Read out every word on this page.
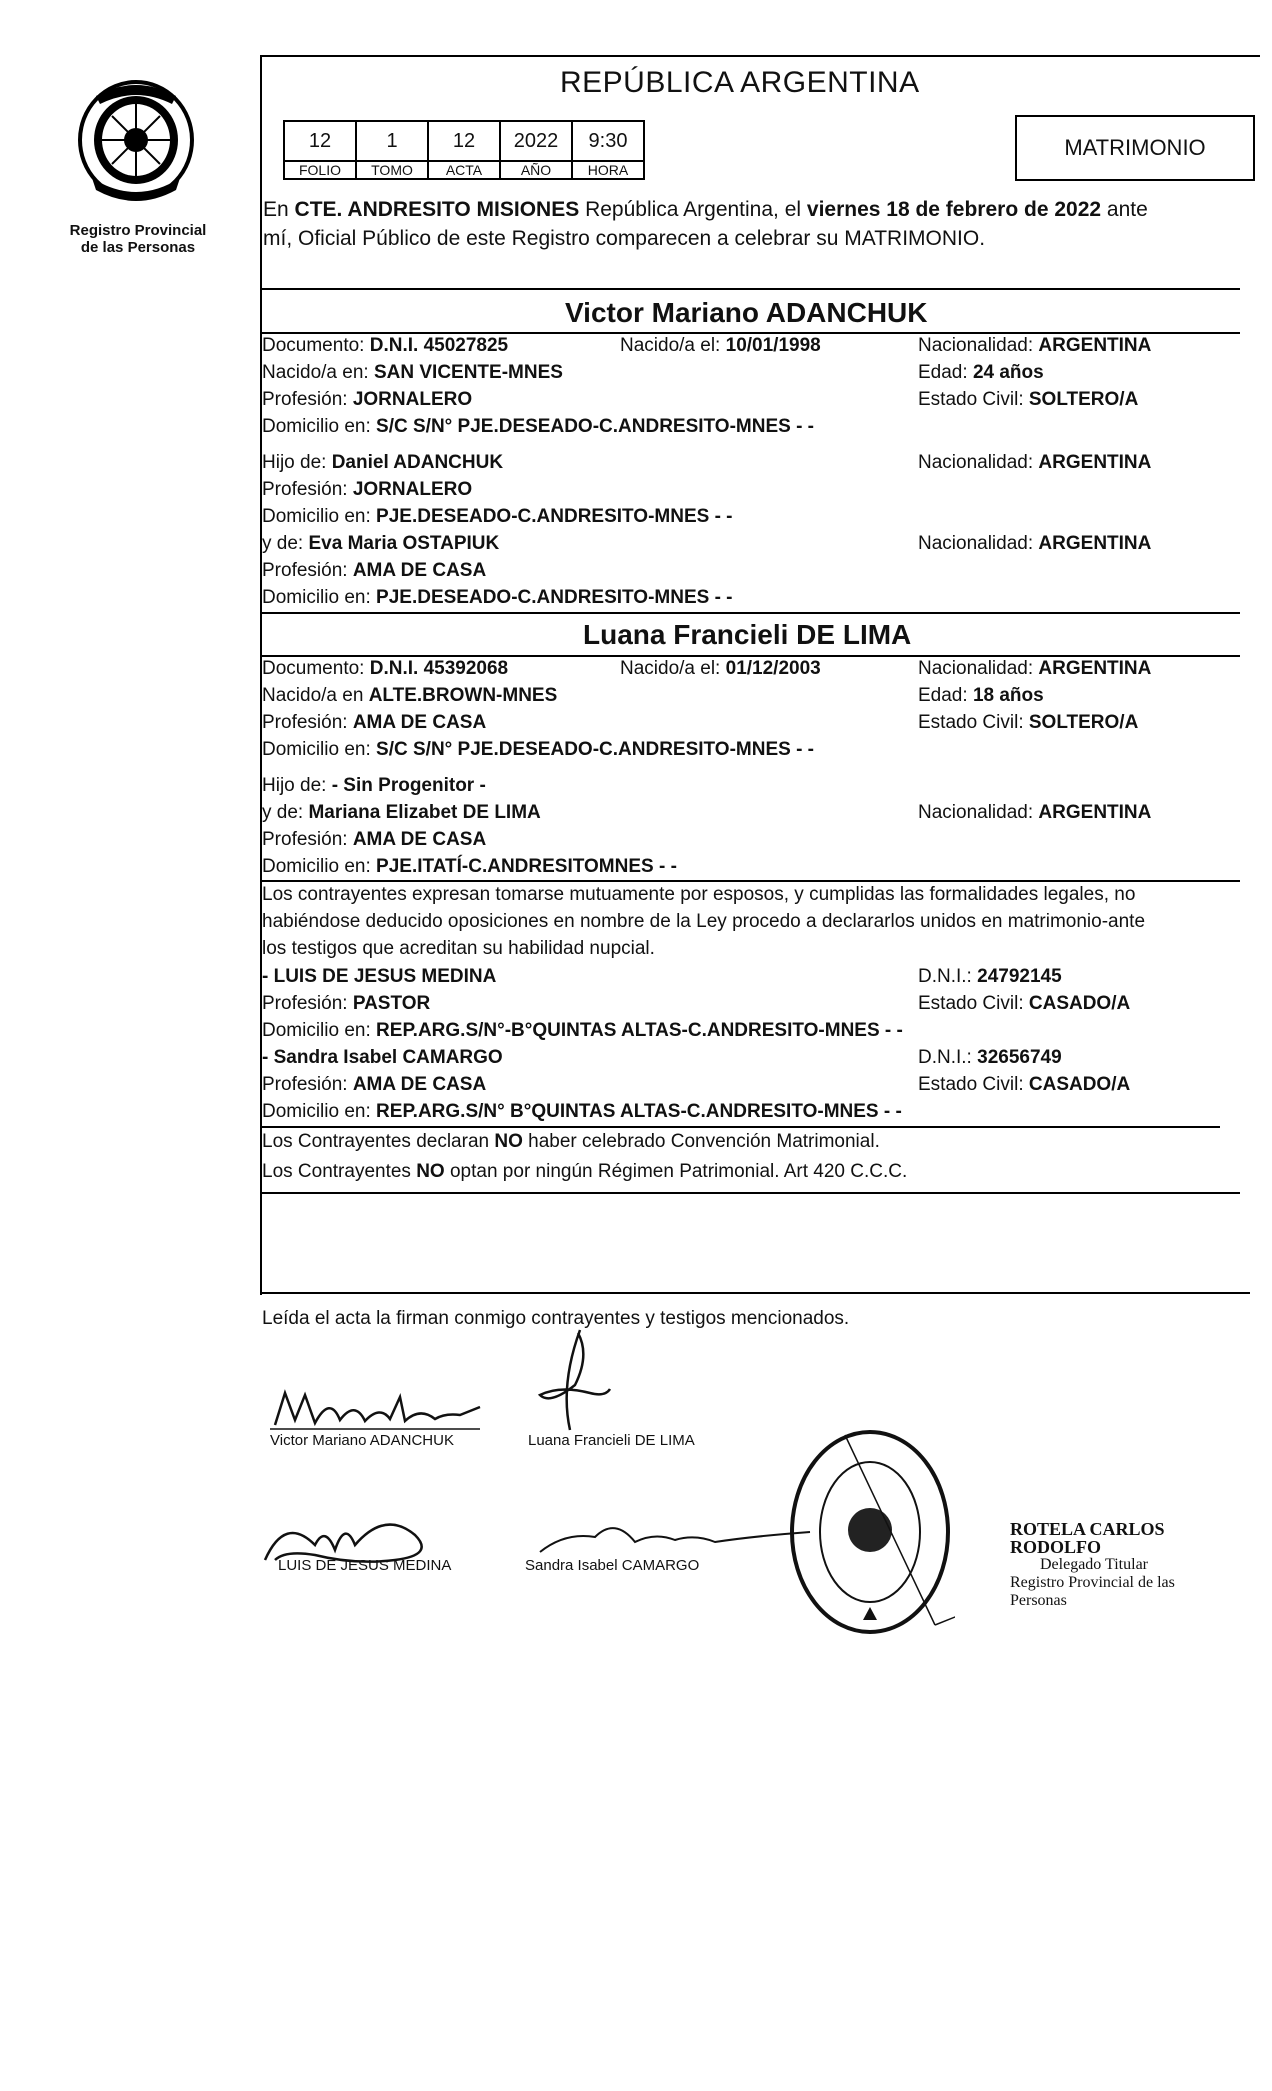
Registro Provincial
de las Personas
REPÚBLICA ARGENTINA
12	1	12	2022	9:30
FOLIO	TOMO	ACTA	AÑO	HORA
MATRIMONIO
En CTE. ANDRESITO MISIONES República Argentina, el viernes 18 de febrero de 2022 ante
mí, Oficial Público de este Registro comparecen a celebrar su MATRIMONIO.
Victor Mariano ADANCHUK
Documento: D.N.I. 45027825	Nacido/a el: 10/01/1998	Nacionalidad: ARGENTINA
Nacido/a en: SAN VICENTE-MNES	Edad: 24 años
Profesión: JORNALERO	Estado Civil: SOLTERO/A
Domicilio en: S/C S/N° PJE.DESEADO-C.ANDRESITO-MNES - -
Hijo de: Daniel ADANCHUK	Nacionalidad: ARGENTINA
Profesión: JORNALERO
Domicilio en: PJE.DESEADO-C.ANDRESITO-MNES - -
y de: Eva Maria OSTAPIUK	Nacionalidad: ARGENTINA
Profesión: AMA DE CASA
Domicilio en: PJE.DESEADO-C.ANDRESITO-MNES - -
Luana Francieli DE LIMA
Documento: D.N.I. 45392068	Nacido/a el: 01/12/2003	Nacionalidad: ARGENTINA
Nacido/a en ALTE.BROWN-MNES	Edad: 18 años
Profesión: AMA DE CASA	Estado Civil: SOLTERO/A
Domicilio en: S/C S/N° PJE.DESEADO-C.ANDRESITO-MNES - -
Hijo de: - Sin Progenitor -
y de: Mariana Elizabet DE LIMA	Nacionalidad: ARGENTINA
Profesión: AMA DE CASA
Domicilio en: PJE.ITATÍ-C.ANDRESITOMNES - -
Los contrayentes expresan tomarse mutuamente por esposos, y cumplidas las formalidades legales, no
habiéndose deducido oposiciones en nombre de la Ley procedo a declararlos unidos en matrimonio-ante
los testigos que acreditan su habilidad nupcial.
- LUIS DE JESUS MEDINA	D.N.I.: 24792145
Profesión: PASTOR	Estado Civil: CASADO/A
Domicilio en: REP.ARG.S/N°-B°QUINTAS ALTAS-C.ANDRESITO-MNES - -
- Sandra Isabel CAMARGO	D.N.I.: 32656749
Profesión: AMA DE CASA	Estado Civil: CASADO/A
Domicilio en: REP.ARG.S/N° B°QUINTAS ALTAS-C.ANDRESITO-MNES - -
Los Contrayentes declaran NO haber celebrado Convención Matrimonial.
Los Contrayentes NO optan por ningún Régimen Patrimonial. Art 420 C.C.C.
Leída el acta la firman conmigo contrayentes y testigos mencionados.
Victor Mariano ADANCHUK	Luana Francieli DE LIMA
LUIS DE JESUS MEDINA	Sandra Isabel CAMARGO
ROTELA CARLOS RODOLFO
Delegado Titular
Registro Provincial de las Personas
